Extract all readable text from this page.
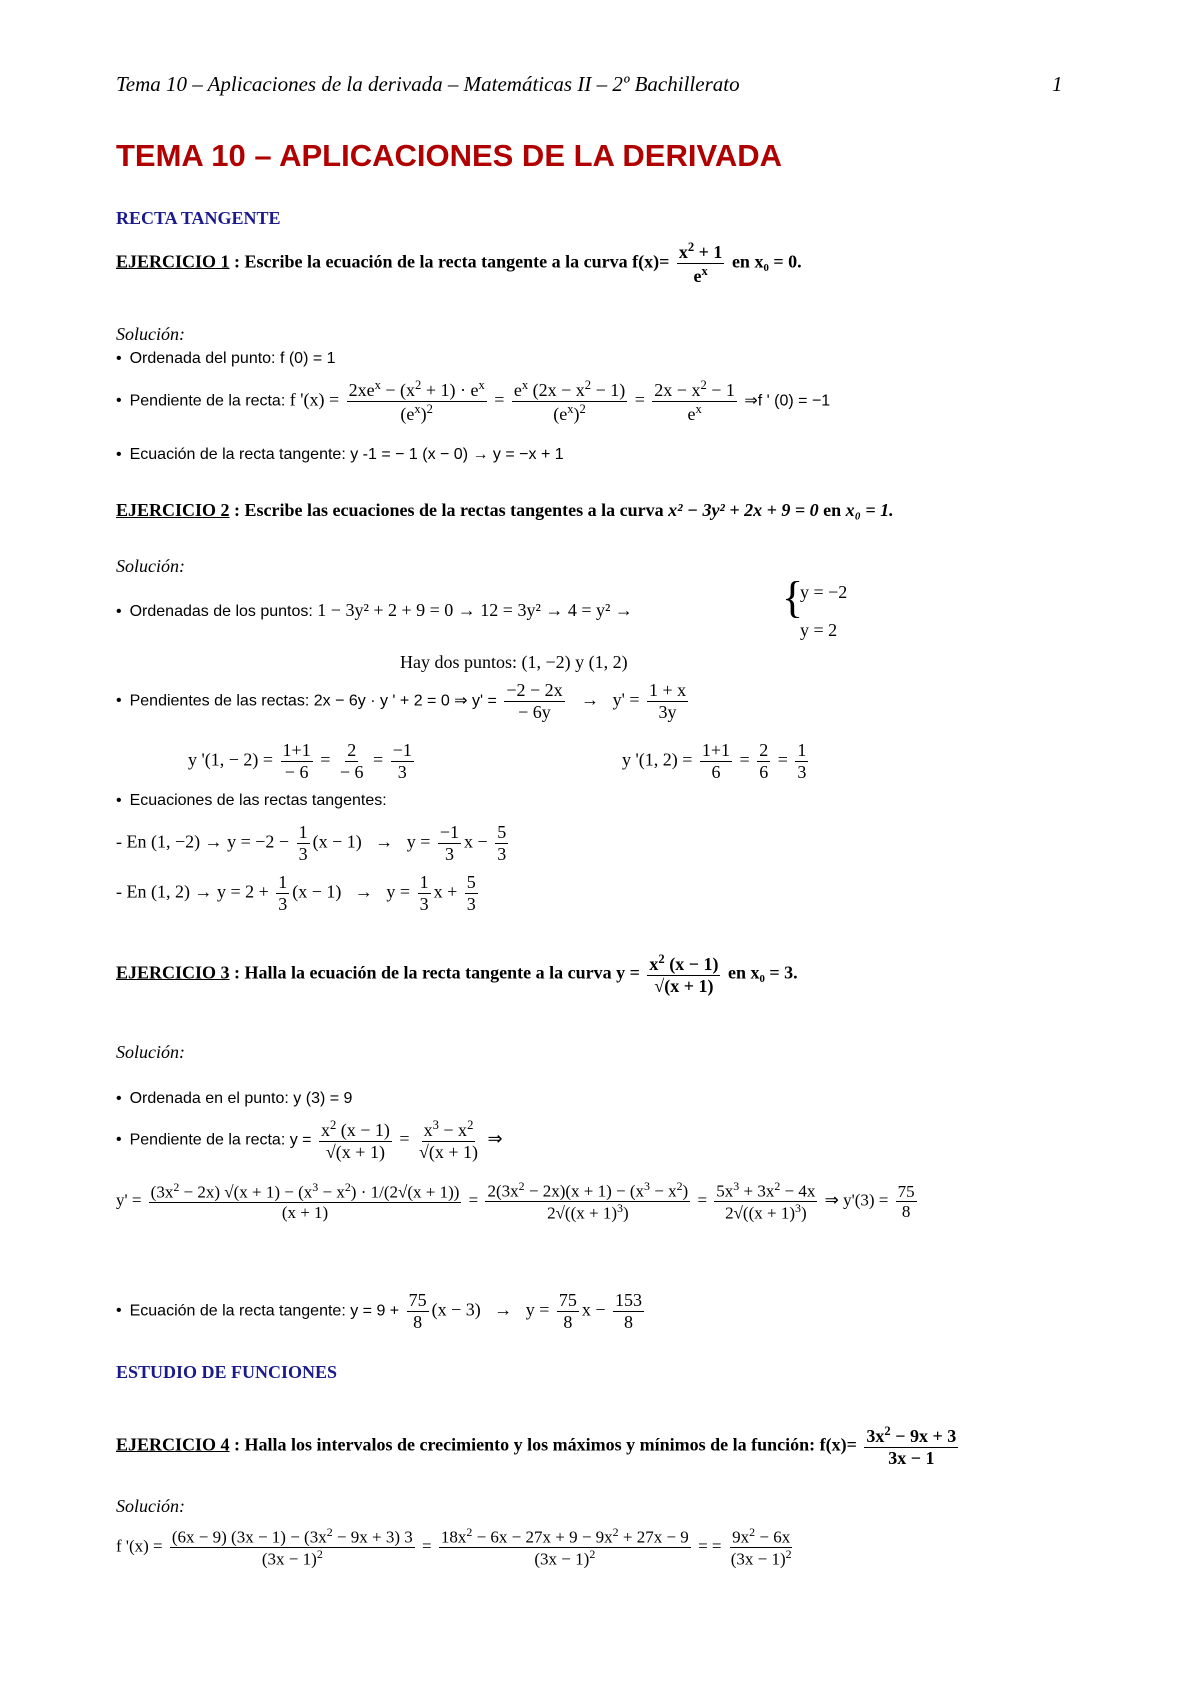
Tema 10 – Aplicaciones de la derivada – Matemáticas II – 2º Bachillerato	1
TEMA 10 – APLICACIONES DE LA DERIVADA
RECTA TANGENTE
EJERCICIO 1 : Escribe la ecuación de la recta tangente a la curva $f(x)= \frac{x^2 + 1}{e^x}$ en x₀ = 0.
Solución:
• Ordenada del punto: f (0) = 1
• Pendiente de la recta: f '$(x) = 2xe^x - (x^2 + 1) \cdot e^x$
$(e^x)^2$	= $\frac{e^x (2x - x^2 - 1)}{(e^x)^2} = \frac{2x - x^2 - 1}{e^x}$ ⇒f ' (0) = −1
• Ecuación de la recta tangente: y -1 = − 1 (x − 0) → y = −x + 1
EJERCICIO 2 : Escribe las ecuaciones de la rectas tangentes a la curva x² − 3y² + 2x + 9 = 0 en x₀ = 1.
Solución:
• Ordenadas de los puntos: 1 − 3y² + 2 + 9 = 0 → 12 = 3y² → 4 = y² →	{
y = −2
y = 2
Hay dos puntos: (1, −2) y (1, 2)
• Pendientes de las rectas: 2x − 6y · y ' + 2 = 0 ⇒ $y' = \frac{-2 - 2x}{- 6y} \to y' = \frac{1 + x}{3y}$
y '(1, − $2) = \frac{1+1}{- 6} = \frac{2}{- 6} = \frac{-1}{3}$	y '(1, $2) = \frac{1+1}{6} = \frac{2}{6} = \frac{1}{3}$
• Ecuaciones de las rectas tangentes:
- En (1, $-2) \to y = -2 - \frac{1}{3} (x - 1) \to y = \frac{-1}{3}$ $x - \frac{5}{3}$
- En (1, $2) \to y = 2 + \frac{1}{3} (x - 1) \to y = \frac{1}{3}$ $x + \frac{5}{3}$
EJERCICIO 3 : Halla la ecuación de la recta tangente a la curva $y = \frac{x^2 (x - 1)}{√(x + 1)}$ en x₀ = 3.
Solución:
• Ordenada en el punto: y (3) = 9
• Pendiente de la recta: $y = \frac{x^2 (x - 1)}{√(x + 1)} = \frac{x^3 - x^2}{√(x + 1)}$ ⇒
$y' = \frac{(3x^2 - 2x) √(x + 1) - (x^3 - x^2) \cdot 1/(2√(x + 1))}{(x + 1)} = \frac{2(3x^2 - 2x)(x + 1) - (x^3 - x^2)}{2√((x + 1)^3)} = \frac{5x^3 + 3x^2 - 4x}{2√((x + 1)^3)}$ ⇒ $y'(3) = \frac{75}{8}$
• Ecuación de la recta tangente: $y = 9 + \frac{75}{8} (x - 3) \to y = \frac{75}{8}$ $x - \frac{153}{8}$
ESTUDIO DE FUNCIONES
EJERCICIO 4 : Halla los intervalos de crecimiento y los máximos y mínimos de la función: $f(x)= \frac{3x^2 - 9x + 3}{3x - 1}$
Solución:
f '$(x) = \frac{(6x - 9) (3x - 1) - (3x^2 - 9x + 3) 3}{(3x - 1)^2} = \frac{18x^2 - 6x - 27x + 9 - 9x^2 + 27x - 9}{(3x - 1)^2}$ = = $\frac{9x^2 - 6x}{(3x - 1)^2}$
